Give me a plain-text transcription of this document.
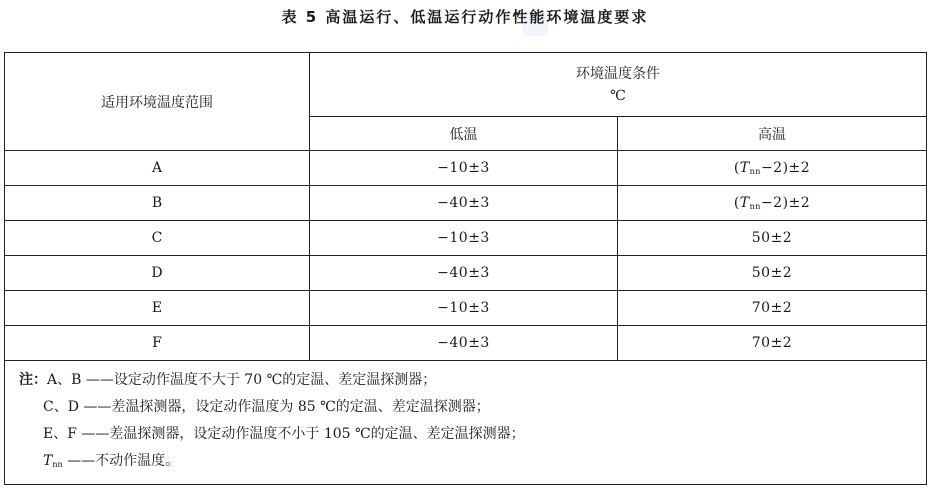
表 5 高温运行、低温运行动作性能环境温度要求
适用环境温度范围	环境温度条件
℃	

	低温	高温
A	−10±3	$(T_{nn}-2)\pm 2$
B	−40±3	$(T_{nn}-2)\pm 2$
C	−10±3	50±2
D	−40±3	50±2
E	−10±3	70±2
F	−40±3	70±2

注：A、B ——设定动作温度不大于 70 ℃的定温、差定温探测器；
C、D ——差温探测器，设定动作温度为 85 ℃的定温、差定温探测器；
E、F ——差温探测器，设定动作温度不小于 105 ℃的定温、差定温探测器；
$T_{nn}$ ——不动作温度。		
